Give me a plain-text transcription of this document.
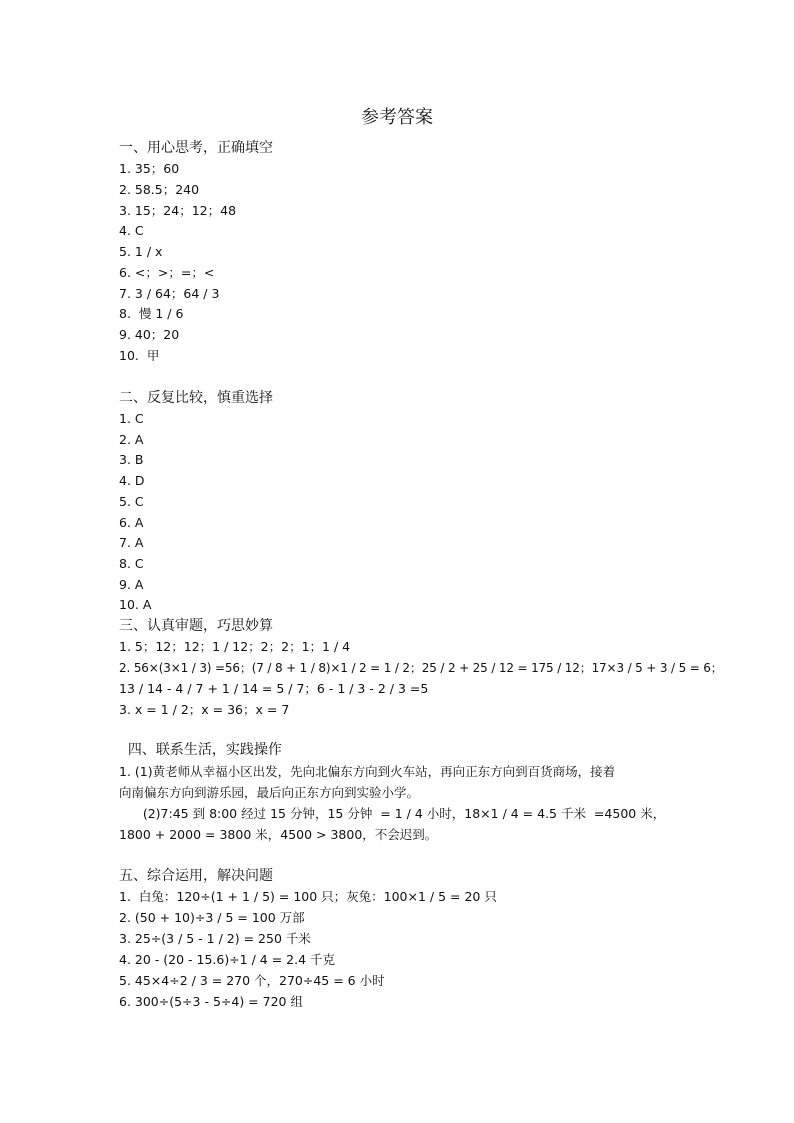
参考答案
一、用心思考，正确填空
1. 35；60
2. 58.5；240
3. 15；24；12；48
4. C
5. 1 / x
6. <；>；=；<
7. 3 / 64；64 / 3
8.  慢 1 / 6
9. 40；20
10.  甲
二、反复比较，慎重选择
1. C
2. A
3. B
4. D
5. C
6. A
7. A
8. C
9. A
10. A
三、认真审题，巧思妙算
1. 5；12；12；1 / 12；2；2；1；1 / 4
2. 56×(3×1 / 3) =56；(7 / 8 + 1 / 8)×1 / 2 = 1 / 2；25 / 2 + 25 / 12 = 175 / 12；17×3 / 5 + 3 / 5 = 6；
13 / 14 - 4 / 7 + 1 / 14 = 5 / 7；6 - 1 / 3 - 2 / 3 =5
3. x = 1 / 2；x = 36；x = 7
四、联系生活，实践操作
1. (1)黄老师从幸福小区出发，先向北偏东方向到火车站，再向正东方向到百货商场，接着
向南偏东方向到游乐园，最后向正东方向到实验小学。
(2)7:45 到 8:00 经过 15 分钟，15 分钟  = 1 / 4 小时，18×1 / 4 = 4.5 千米  =4500 米，
1800 + 2000 = 3800 米，4500 > 3800，不会迟到。
五、综合运用，解决问题
1.  白兔：120÷(1 + 1 / 5) = 100 只；灰兔：100×1 / 5 = 20 只
2. (50 + 10)÷3 / 5 = 100 万部
3. 25÷(3 / 5 - 1 / 2) = 250 千米
4. 20 - (20 - 15.6)÷1 / 4 = 2.4 千克
5. 45×4÷2 / 3 = 270 个，270÷45 = 6 小时
6. 300÷(5÷3 - 5÷4) = 720 组
